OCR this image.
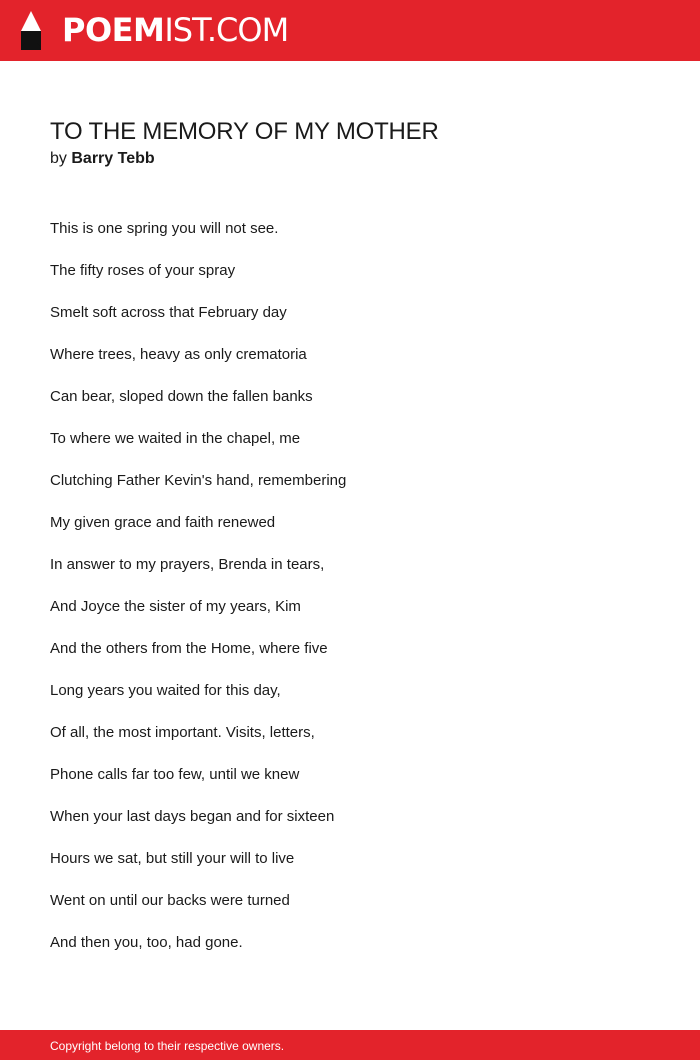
POEMIST.COM
TO THE MEMORY OF MY MOTHER
by Barry Tebb
This is one spring you will not see.
The fifty roses of your spray
Smelt soft across that February day
Where trees, heavy as only crematoria
Can bear, sloped down the fallen banks
To where we waited in the chapel, me
Clutching Father Kevin's hand, remembering
My given grace and faith renewed
In answer to my prayers, Brenda in tears,
And Joyce the sister of my years, Kim
And the others from the Home, where five
Long years you waited for this day,
Of all, the most important. Visits, letters,
Phone calls far too few, until we knew
When your last days began and for sixteen
Hours we sat, but still your will to live
Went on until our backs were turned
And then you, too, had gone.
Copyright belong to their respective owners.
